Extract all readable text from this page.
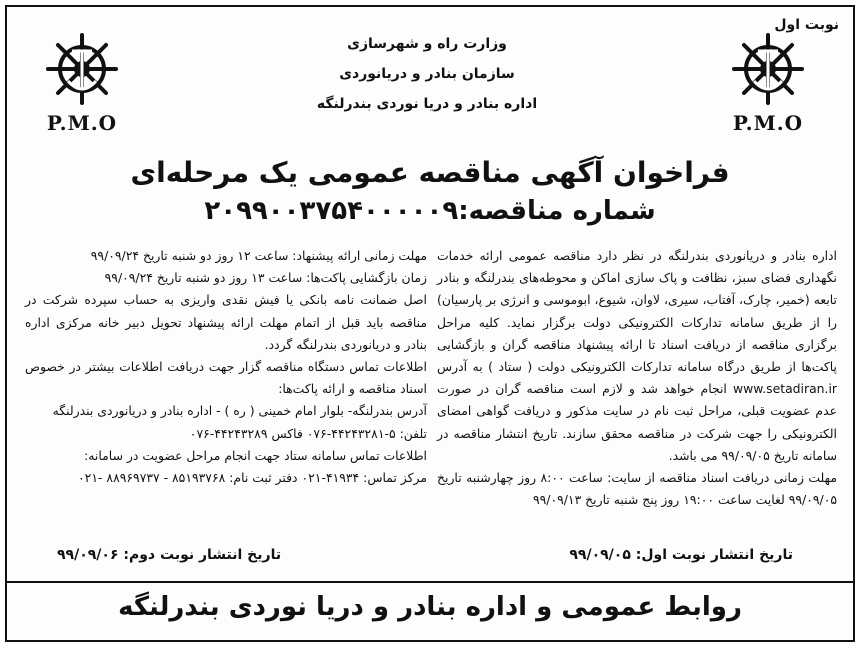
نوبت اول
P.M.O
P.M.O
وزارت راه و شهرسازی
سازمان بنادر و دریانوردی
اداره بنادر و دریا نوردی بندرلنگه
فراخوان آگهی مناقصه عمومی یک مرحله‌ای
شماره مناقصه:۲۰۹۹۰۰۳۷۵۴۰۰۰۰۰۹

اداره بنادر و دریانوردی بندرلنگه در نظر دارد مناقصه عمومی ارائه خدمات نگهداری فضای سبز، نظافت و پاک سازی اماکن و محوطه‌های بندرلنگه و بنادر تابعه (خمیر، چارک، آفتاب، سیری، لاوان، شیوع، ابوموسی و انرژی بر پارسیان) را از طریق سامانه تدارکات الکترونیکی دولت برگزار نماید. کلیه مراحل برگزاری مناقصه از دریافت اسناد تا ارائه پیشنهاد مناقصه گران و بازگشایی پاکت‌ها از طریق درگاه سامانه تدارکات الکترونیکی دولت ( ستاد ) به آدرس www.setadiran.ir انجام خواهد شد و لازم است مناقصه گران در صورت عدم عضویت قبلی، مراحل ثبت نام در سایت مذکور و دریافت گواهی امضای الکترونیکی را جهت شرکت در مناقصه محقق سازند. تاریخ انتشار مناقصه در سامانه تاریخ ۹۹/۰۹/۰۵ می باشد.

مهلت زمانی دریافت اسناد مناقصه از سایت: ساعت ۸:۰۰ روز چهارشنبه تاریخ ۹۹/۰۹/۰۵ لغایت ساعت ۱۹:۰۰ روز پنج شنبه تاریخ ۹۹/۰۹/۱۳

مهلت زمانی ارائه پیشنهاد: ساعت ۱۲ روز دو شنبه تاریخ ۹۹/۰۹/۲۴

زمان بازگشایی پاکت‌ها: ساعت ۱۳ روز دو شنبه تاریخ ۹۹/۰۹/۲۴

اصل ضمانت نامه بانکی یا فیش نقدی واریزی به حساب سپرده شرکت در مناقصه باید قبل از اتمام مهلت ارائه پیشنهاد تحویل دبیر خانه مرکزی اداره بنادر و دریانوردی بندرلنگه گردد.

اطلاعات تماس دستگاه مناقصه گزار جهت دریافت اطلاعات بیشتر در خصوص اسناد مناقصه و ارائه پاکت‌ها:

آدرس بندرلنگه- بلوار امام خمینی ( ره ) - اداره بنادر و دریانوردی بندرلنگه

تلفن: ۵-۴۴۲۴۳۲۸۱-۰۷۶ فاکس ۴۴۲۴۳۲۸۹-۰۷۶

اطلاعات تماس سامانه ستاد جهت انجام مراحل عضویت در سامانه:

مرکز تماس: ۴۱۹۳۴-۰۲۱ دفتر ثبت نام: ۸۵۱۹۳۷۶۸ - ۸۸۹۶۹۷۳۷ -۰۲۱

تاریخ انتشار نوبت اول: ۹۹/۰۹/۰۵
تاریخ انتشار نوبت دوم: ۹۹/۰۹/۰۶
روابط عمومی و اداره بنادر و دریا نوردی بندرلنگه
